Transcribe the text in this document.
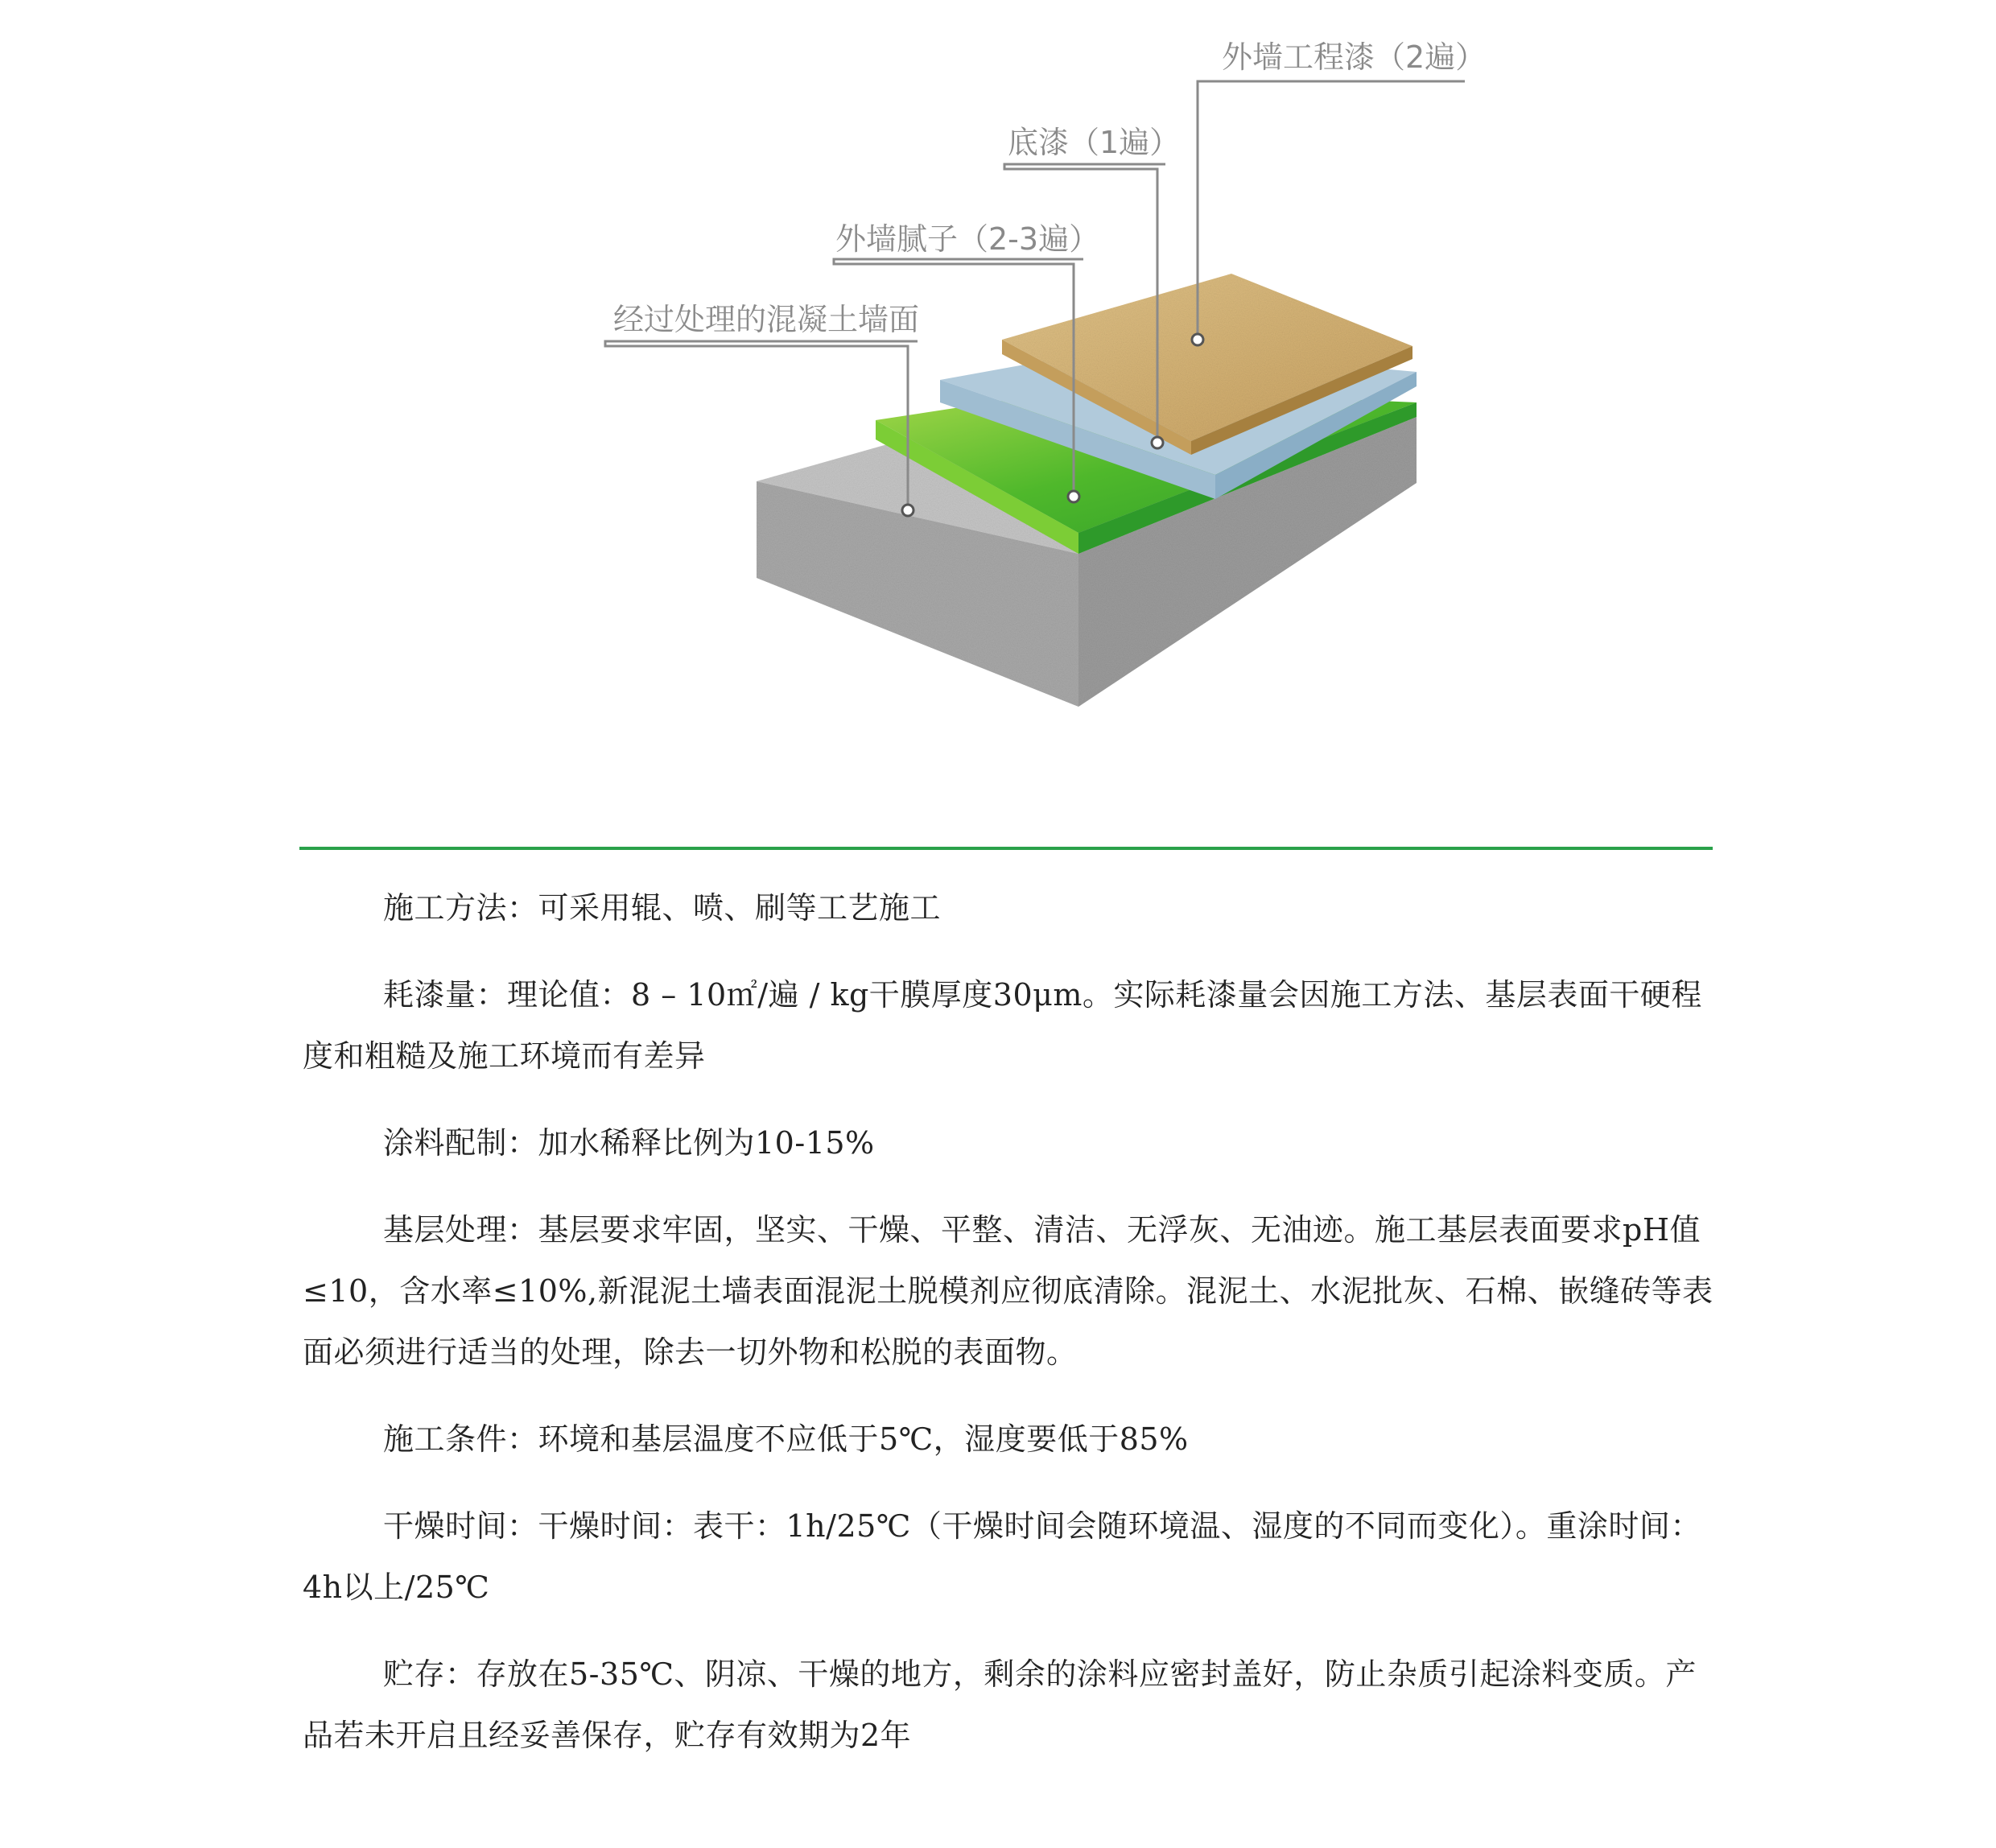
外墙工程漆（2遍）
底漆（1遍）
外墙腻子（2-3遍）
经过处理的混凝土墙面

施工方法：可采用辊、喷、刷等工艺施工

耗漆量：理论值：8 – 10㎡/遍 / kg干膜厚度30μm。实际耗漆量会因施工方法、基层表面干硬程度和粗糙及施工环境而有差异

涂料配制：加水稀释比例为10-15%

基层处理：基层要求牢固，坚实、干燥、平整、清洁、无浮灰、无油迹。施工基层表面要求pH值≤10，含水率≤10%,新混泥土墙表面混泥土脱模剂应彻底清除。混泥土、水泥批灰、石棉、嵌缝砖等表面必须进行适当的处理，除去一切外物和松脱的表面物。

施工条件：环境和基层温度不应低于5℃，湿度要低于85%

干燥时间：干燥时间：表干：1h/25℃（干燥时间会随环境温、湿度的不同而变化）。重涂时间：4h以上/25℃

贮存：存放在5-35℃、阴凉、干燥的地方，剩余的涂料应密封盖好，防止杂质引起涂料变质。产品若未开启且经妥善保存，贮存有效期为2年
